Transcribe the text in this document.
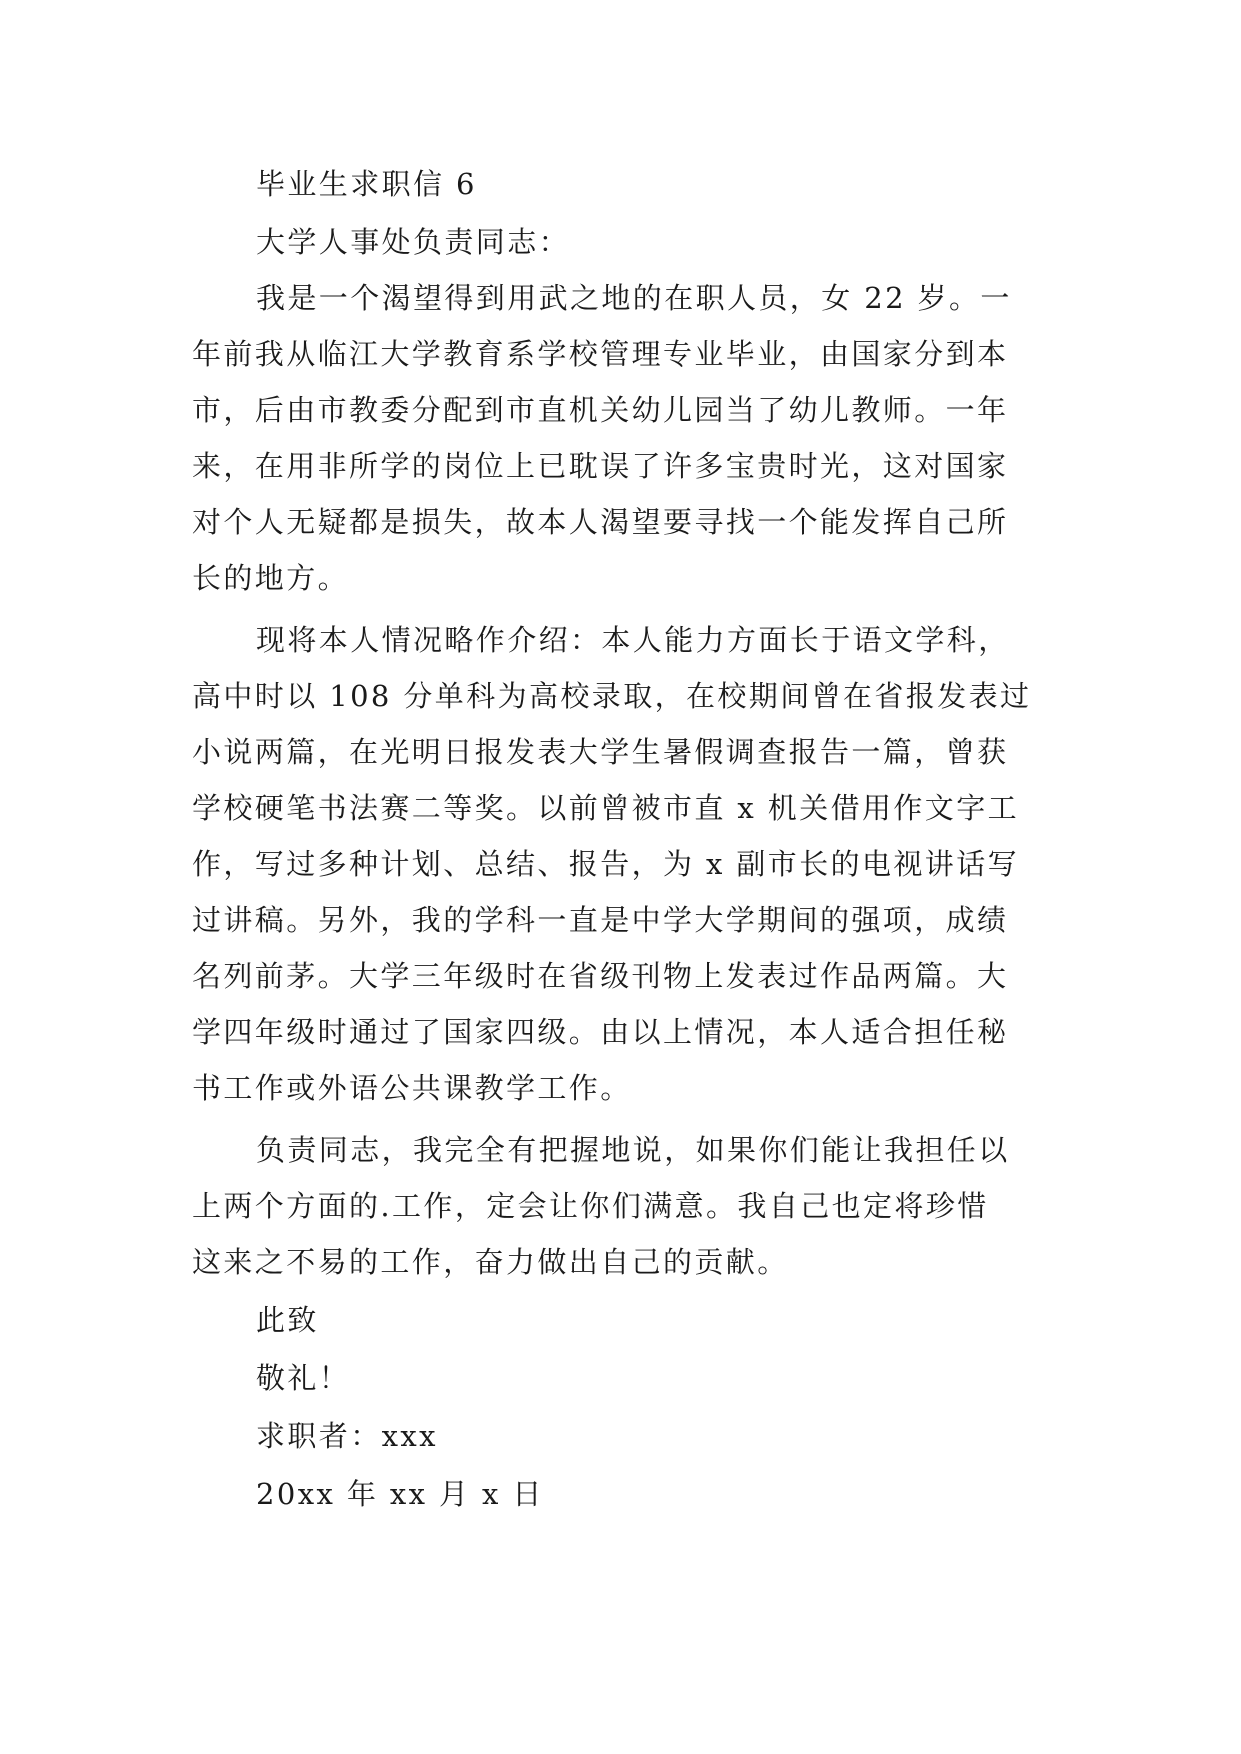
毕业生求职信 6
大学人事处负责同志：
我是一个渴望得到用武之地的在职人员，女 22 岁。一
年前我从临江大学教育系学校管理专业毕业，由国家分到本
市，后由市教委分配到市直机关幼儿园当了幼儿教师。一年
来，在用非所学的岗位上已耽误了许多宝贵时光，这对国家
对个人无疑都是损失，故本人渴望要寻找一个能发挥自己所
长的地方。
现将本人情况略作介绍：本人能力方面长于语文学科，
高中时以 108 分单科为高校录取，在校期间曾在省报发表过
小说两篇，在光明日报发表大学生暑假调查报告一篇，曾获
学校硬笔书法赛二等奖。以前曾被市直 x 机关借用作文字工
作，写过多种计划、总结、报告，为 x 副市长的电视讲话写
过讲稿。另外，我的学科一直是中学大学期间的强项，成绩
名列前茅。大学三年级时在省级刊物上发表过作品两篇。大
学四年级时通过了国家四级。由以上情况，本人适合担任秘
书工作或外语公共课教学工作。
负责同志，我完全有把握地说，如果你们能让我担任以
上两个方面的.工作，定会让你们满意。我自己也定将珍惜
这来之不易的工作，奋力做出自己的贡献。
此致
敬礼！
求职者：xxx
20xx 年 xx 月 x 日
